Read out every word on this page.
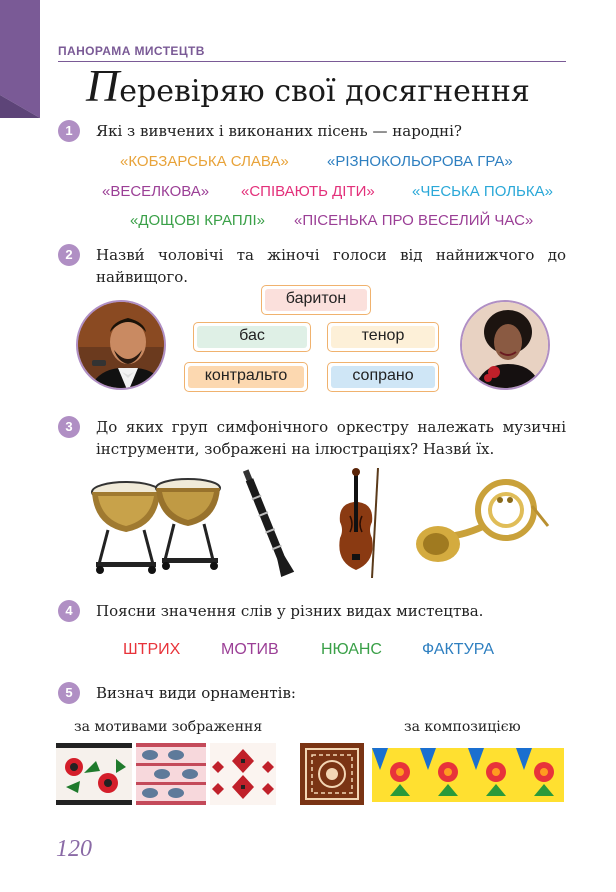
ПАНОРАМА МИСТЕЦТВ
Перевіряю свої досягнення
1	Які з вивчених і виконаних пісень — народні?
«КОБЗАРСЬКА СЛАВА»	«РІЗНОКОЛЬОРОВА ГРА»
«ВЕСЕЛКОВА» «СПІВАЮТЬ ДІТИ» «ЧЕСЬКА ПОЛЬКА»
«ДОЩОВІ КРАПЛІ» «ПІСЕНЬКА ПРО ВЕСЕЛИЙ ЧАС»
2	Назви́ чоловічі та жіночі голоси від найнижчого до найвищого.
баритон
бас	тенор
контральто	сопрано
3	До яких груп симфонічного оркестру належать музичні інструменти, зображені на ілюстраціях? Назви́ їх.
4	Поясни значення слів у різних видах мистецтва.
ШТРИХ	МОТИВ	НЮАНС	ФАКТУРА
5	Визнач види орнаментів:
за мотивами зображення	за композицією
120
